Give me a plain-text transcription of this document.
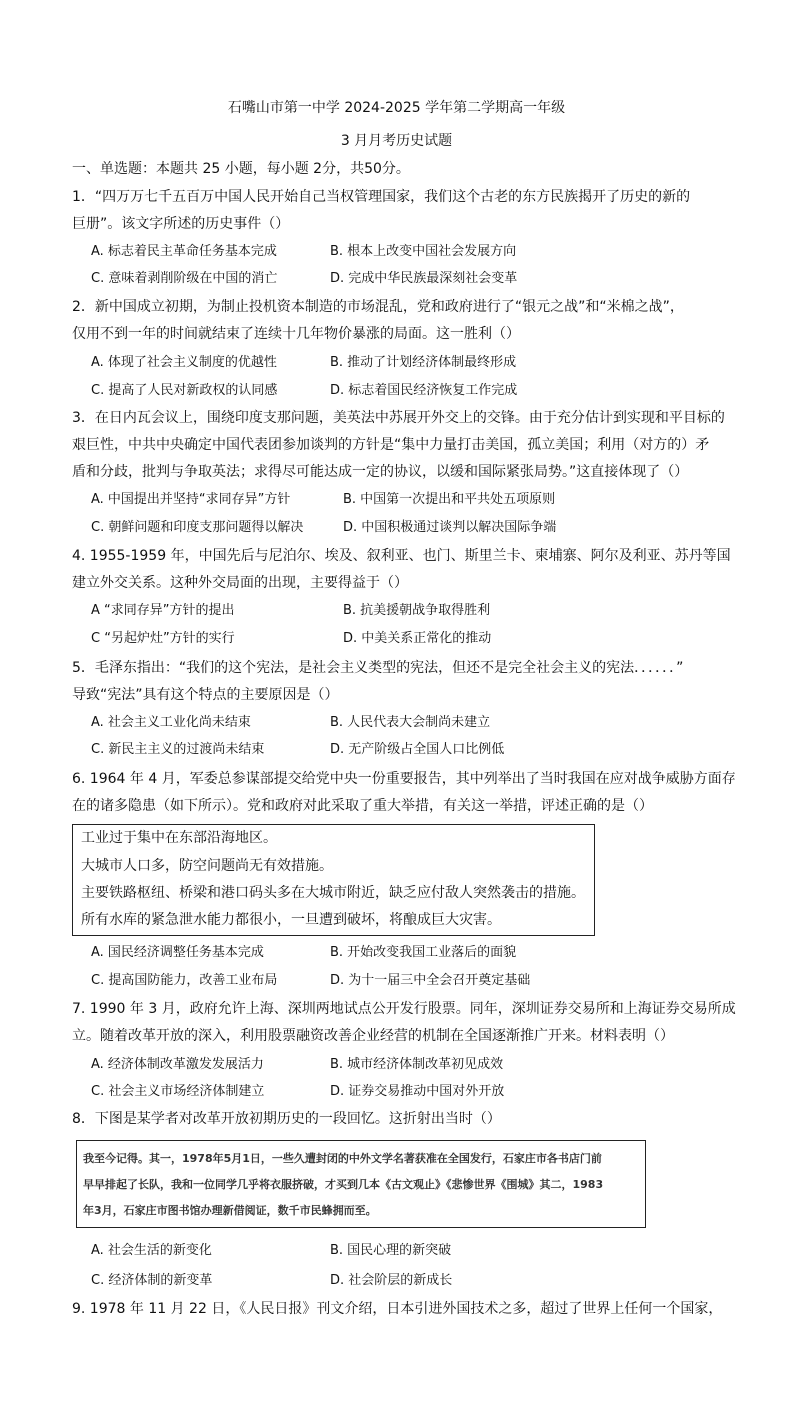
石嘴山市第一中学 2024-2025 学年第二学期高一年级
3 月月考历史试题
一、单选题：本题共 25 小题，每小题 2分，共50分。
1．“四万万七千五百万中国人民开始自己当权管理国家，我们这个古老的东方民族揭开了历史的新的
巨册”。该文字所述的历史事件（）
A. 标志着民主革命任务基本完成	B. 根本上改变中国社会发展方向
C. 意味着剥削阶级在中国的消亡	D. 完成中华民族最深刻社会变革
2．新中国成立初期，为制止投机资本制造的市场混乱，党和政府进行了“银元之战”和“米棉之战”，
仅用不到一年的时间就结束了连续十几年物价暴涨的局面。这一胜利（）
A. 体现了社会主义制度的优越性	B. 推动了计划经济体制最终形成
C. 提高了人民对新政权的认同感	D. 标志着国民经济恢复工作完成
3．在日内瓦会议上，围绕印度支那问题，美英法中苏展开外交上的交锋。由于充分估计到实现和平目标的
艰巨性，中共中央确定中国代表团参加谈判的方针是“集中力量打击美国，孤立美国；利用（对方的）矛
盾和分歧，批判与争取英法；求得尽可能达成一定的协议，以缓和国际紧张局势。”这直接体现了（）
A. 中国提出并坚持“求同存异”方针	B. 中国第一次提出和平共处五项原则
C. 朝鲜问题和印度支那问题得以解决	D. 中国积极通过谈判以解决国际争端
4. 1955-1959 年，中国先后与尼泊尔、埃及、叙利亚、也门、斯里兰卡、柬埔寨、阿尔及利亚、苏丹等国
建立外交关系。这种外交局面的出现，主要得益于（）
A “求同存异”方针的提出	B. 抗美援朝战争取得胜利
C “另起炉灶”方针的实行	D. 中美关系正常化的推动
5．毛泽东指出：“我们的这个宪法，是社会主义类型的宪法，但还不是完全社会主义的宪法．．．．．．”
导致“宪法”具有这个特点的主要原因是（）
A. 社会主义工业化尚未结束	B. 人民代表大会制尚未建立
C. 新民主主义的过渡尚未结束	D. 无产阶级占全国人口比例低
6. 1964 年 4 月，军委总参谋部提交给党中央一份重要报告，其中列举出了当时我国在应对战争威胁方面存
在的诸多隐患（如下所示）。党和政府对此采取了重大举措，有关这一举措，评述正确的是（）
工业过于集中在东部沿海地区。
大城市人口多，防空问题尚无有效措施。
主要铁路枢纽、桥梁和港口码头多在大城市附近，缺乏应付敌人突然袭击的措施。
所有水库的紧急泄水能力都很小，一旦遭到破坏，将酿成巨大灾害。
A. 国民经济调整任务基本完成	B. 开始改变我国工业落后的面貌
C. 提高国防能力，改善工业布局	D. 为十一届三中全会召开奠定基础
7. 1990 年 3 月，政府允许上海、深圳两地试点公开发行股票。同年，深圳证券交易所和上海证券交易所成
立。随着改革开放的深入，利用股票融资改善企业经营的机制在全国逐渐推广开来。材料表明（）
A. 经济体制改革激发发展活力	B. 城市经济体制改革初见成效
C. 社会主义市场经济体制建立	D. 证券交易推动中国对外开放
8．下图是某学者对改革开放初期历史的一段回忆。这折射出当时（）
我至今记得。其一，1978年5月1日，一些久遭封闭的中外文学名著获准在全国发行，石家庄市各书店门前
早早排起了长队，我和一位同学几乎将衣服挤破，才买到几本《古文观止》《悲惨世界《围城》其二，1983
年3月，石家庄市图书馆办理新借阅证，数千市民蜂拥而至。
A. 社会生活的新变化	B. 国民心理的新突破
C. 经济体制的新变革	D. 社会阶层的新成长
9. 1978 年 11 月 22 日，《人民日报》刊文介绍，日本引进外国技术之多，超过了世界上任何一个国家，
